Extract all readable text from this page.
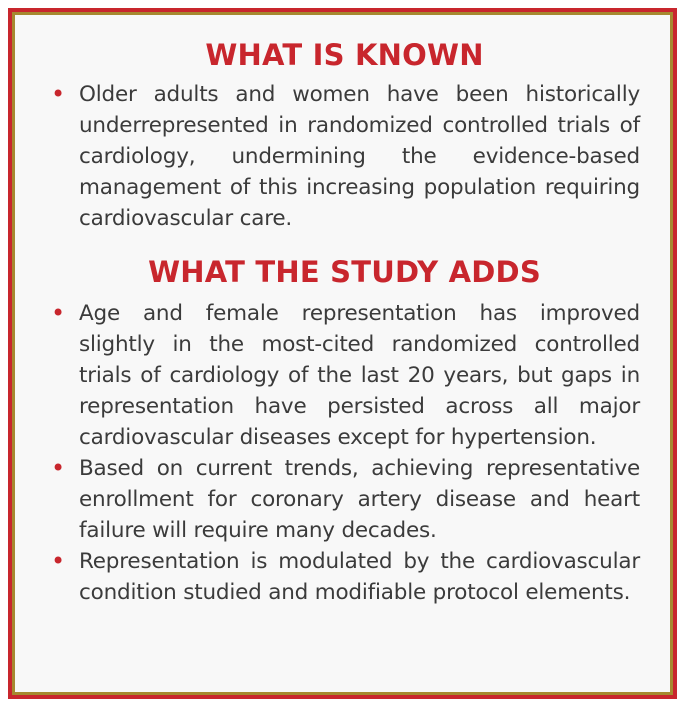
WHAT IS KNOWN
• Older adults and women have been historically underrepresented in randomized controlled trials of cardiology, undermining the evidence-based management of this increasing population requiring cardiovascular care.
WHAT THE STUDY ADDS
• Age and female representation has improved slightly in the most-cited randomized controlled trials of cardiology of the last 20 years, but gaps in representation have persisted across all major cardiovascular diseases except for hypertension.
• Based on current trends, achieving representative enrollment for coronary artery disease and heart failure will require many decades.
• Representation is modulated by the cardiovascular condition studied and modifiable protocol elements.
